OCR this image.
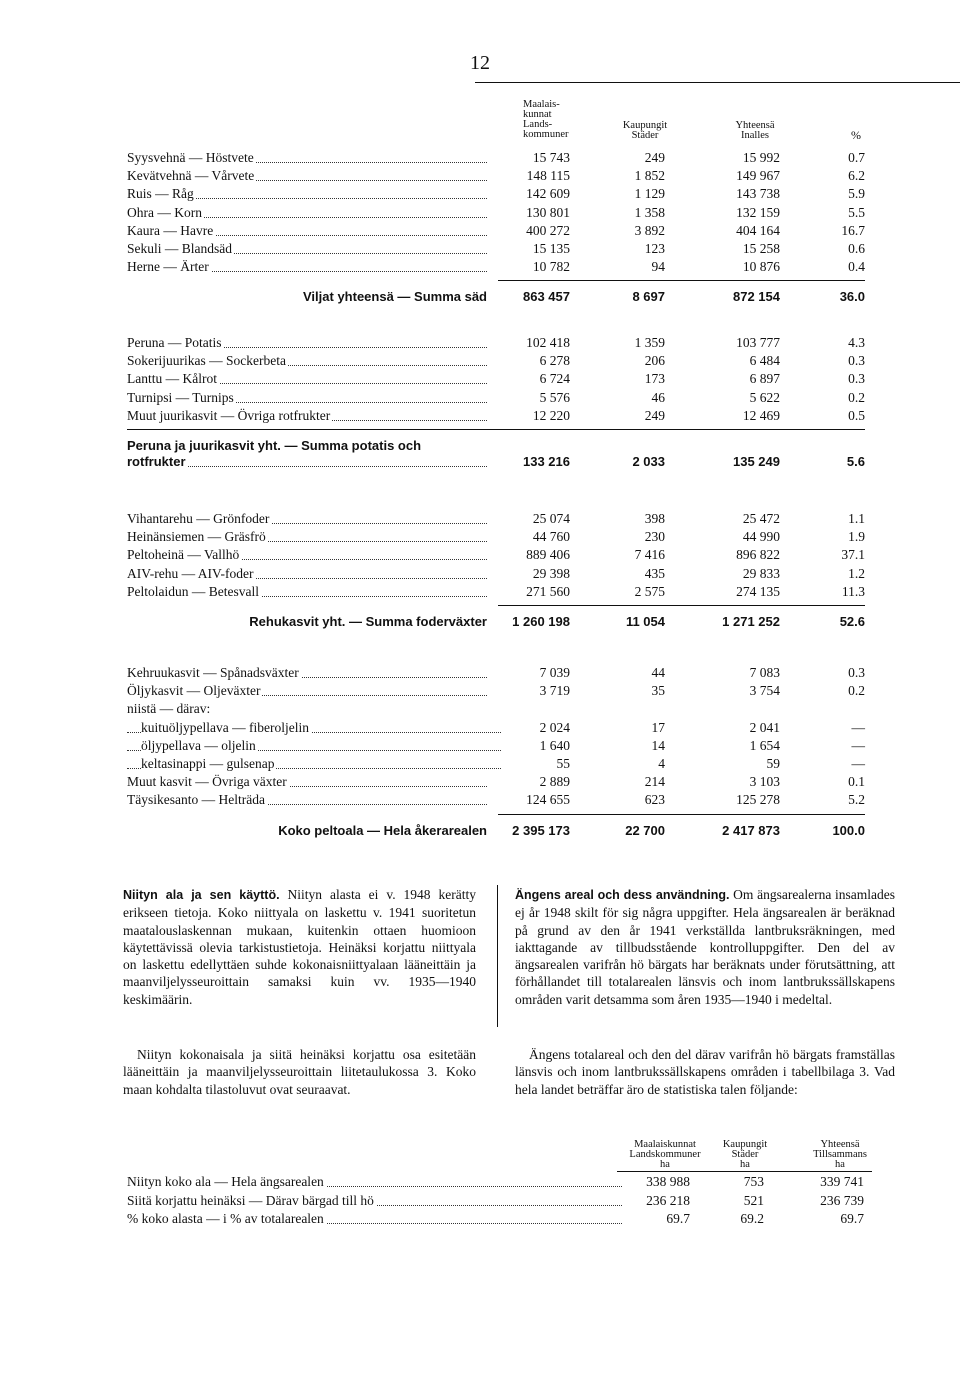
12
Maalais-
kunnat
Lands-
kommuner
Kaupungit
Städer
Yhteensä
Inalles	%
Syysvehnä — Höstvete	15 743	249	15 992	0.7
Kevätvehnä — Vårvete	148 115	1 852	149 967	6.2
Ruis — Råg	142 609	1 129	143 738	5.9
Ohra — Korn	130 801	1 358	132 159	5.5
Kaura — Havre	400 272	3 892	404 164	16.7
Sekuli — Blandsäd	15 135	123	15 258	0.6
Herne — Ärter	10 782	94	10 876	0.4
Viljat yhteensä — Summa säd	863 457	8 697	872 154	36.0
Peruna — Potatis	102 418	1 359	103 777	4.3
Sokerijuurikas — Sockerbeta	6 278	206	6 484	0.3
Lanttu — Kålrot	6 724	173	6 897	0.3
Turnipsi — Turnips	5 576	46	5 622	0.2
Muut juurikasvit — Övriga rotfrukter	12 220	249	12 469	0.5
Peruna ja juurikasvit yht. — Summa potatis och
rotfrukter	133 216	2 033	135 249	5.6
Vihantarehu — Grönfoder	25 074	398	25 472	1.1
Heinänsiemen — Gräsfrö	44 760	230	44 990	1.9
Peltoheinä — Vallhö	889 406	7 416	896 822	37.1
AIV-rehu — AIV-foder	29 398	435	29 833	1.2
Peltolaidun — Betesvall	271 560	2 575	274 135	11.3
Rehukasvit yht. — Summa foderväxter	1 260 198	11 054	1 271 252	52.6
Kehruukasvit — Spånadsväxter	7 039	44	7 083	0.3
Öljykasvit — Oljeväxter	3 719	35	3 754	0.2
niistä — därav:
kuituöljypellava — fiberoljelin	2 024	17	2 041	—
öljypellava — oljelin	1 640	14	1 654	—
keltasinappi — gulsenap	55	4	59	—
Muut kasvit — Övriga växter	2 889	214	3 103	0.1
Täysikesanto — Helträda	124 655	623	125 278	5.2
Koko peltoala — Hela åkerarealen	2 395 173	22 700	2 417 873	100.0
Niityn ala ja sen käyttö. Niityn alasta ei v. 1948 kerätty erikseen tietoja. Koko niittyala on laskettu v. 1941 suoritetun maatalouslaskennan mukaan, kuitenkin ottaen huomioon käytettävissä olevia tarkistustietoja. Heinäksi korjattu niittyala on laskettu edellyttäen suhde kokonaisniittyalaan lääneittäin ja maanviljelysseuroittain samaksi kuin vv. 1935—1940 keskimäärin.
Niityn kokonaisala ja siitä heinäksi korjattu osa esitetään lääneittäin ja maanviljelysseuroittain liitetaulukossa 3. Koko maan kohdalta tilastoluvut ovat seuraavat.
Ängens areal och dess användning. Om ängsarealerna insamlades ej år 1948 skilt för sig några uppgifter. Hela ängsarealen är beräknad på grund av den år 1941 verkställda lantbruksräkningen, med iakttagande av tillbudsstående kontrolluppgifter. Den del av ängsarealen varifrån hö bärgats har beräknats under förutsättning, att förhållandet till totalarealen länsvis och inom lantbrukssällskapens områden varit detsamma som åren 1935—1940 i medeltal.
Ängens totalareal och den del därav varifrån hö bärgats framställas länsvis och inom lantbrukssällskapens områden i tabellbilaga 3. Vad hela landet beträffar äro de statistiska talen följande:
Maalaiskunnat
Landskommuner
ha
Kaupungit
Städer
ha
Yhteensä
Tillsammans
ha
Niityn koko ala — Hela ängsarealen	338 988	753	339 741
Siitä korjattu heinäksi — Därav bärgad till hö	236 218	521	236 739
% koko alasta — i % av totalarealen	69.7	69.2	69.7
